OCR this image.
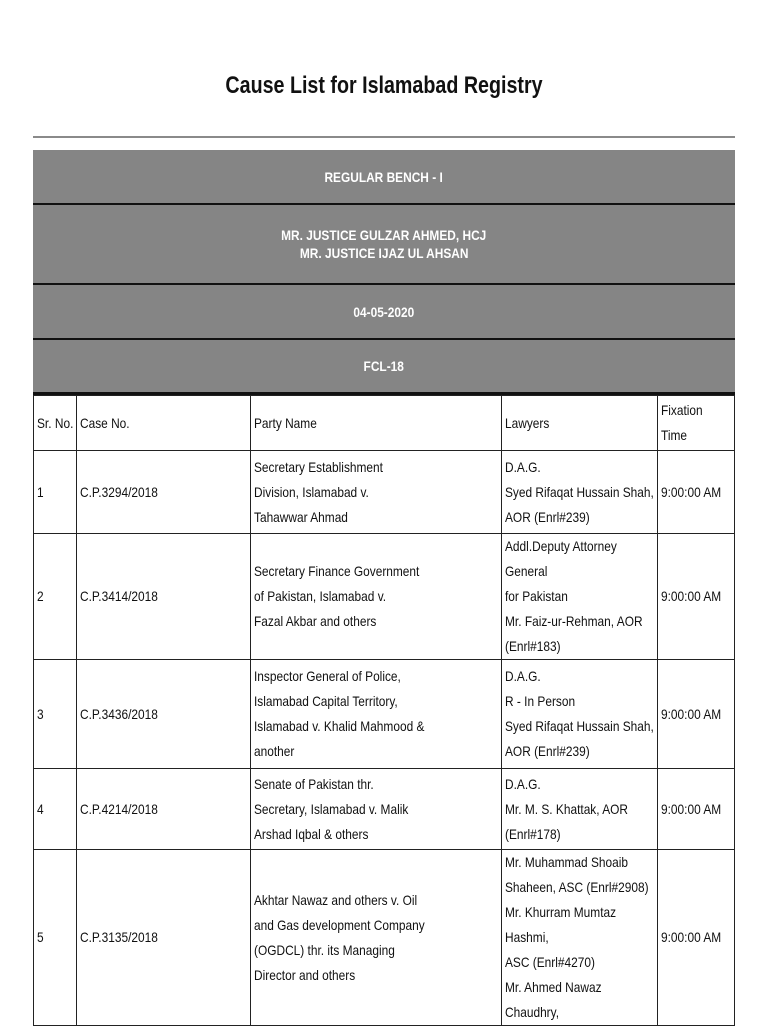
Cause List for Islamabad Registry
REGULAR BENCH - I
MR. JUSTICE GULZAR AHMED, HCJ
MR. JUSTICE IJAZ UL AHSAN
04-05-2020
FCL-18
Sr. No.	Case No.	Party Name	Lawyers	Fixation Time
1	C.P.3294/2018	Secretary Establishment
Division, Islamabad v.
Tahawwar Ahmad	D.A.G.
Syed Rifaqat Hussain Shah,
AOR (Enrl#239)	9:00:00 AM
2	C.P.3414/2018	Secretary Finance Government
of Pakistan, Islamabad v.
Fazal Akbar and others	Addl.Deputy Attorney General
for Pakistan
Mr. Faiz-ur-Rehman, AOR
(Enrl#183)	9:00:00 AM
3	C.P.3436/2018	Inspector General of Police,
Islamabad Capital Territory,
Islamabad v. Khalid Mahmood &
another	D.A.G.
R - In Person
Syed Rifaqat Hussain Shah,
AOR (Enrl#239)	9:00:00 AM
4	C.P.4214/2018	Senate of Pakistan thr.
Secretary, Islamabad v. Malik
Arshad Iqbal & others	D.A.G.
Mr. M. S. Khattak, AOR
(Enrl#178)	9:00:00 AM
5	C.P.3135/2018	Akhtar Nawaz and others v. Oil
and Gas development Company
(OGDCL) thr. its Managing
Director and others	Mr. Muhammad Shoaib
Shaheen, ASC (Enrl#2908)
Mr. Khurram Mumtaz Hashmi,
ASC (Enrl#4270)
Mr. Ahmed Nawaz Chaudhry,	9:00:00 AM
